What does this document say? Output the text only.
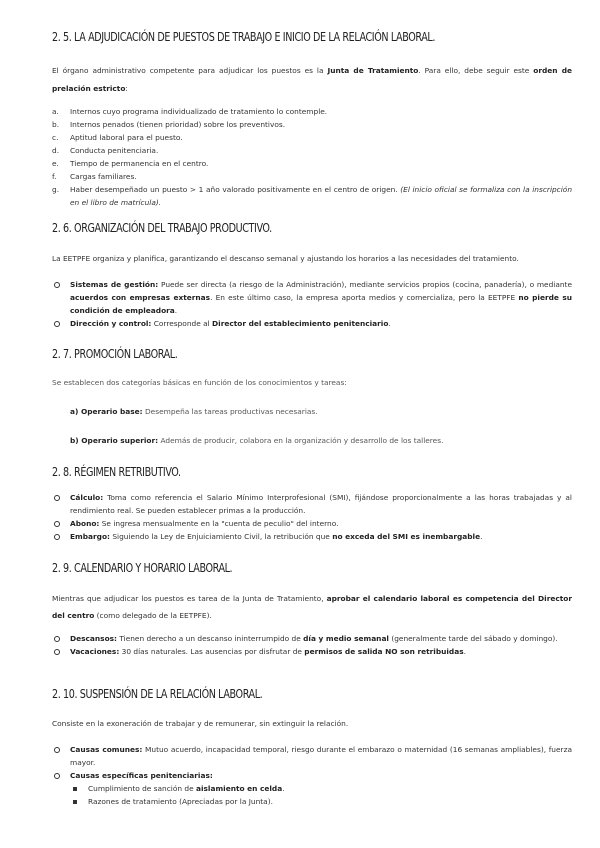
2. 5. LA ADJUDICACIÓN DE PUESTOS DE TRABAJO E INICIO DE LA RELACIÓN LABORAL.

El órgano administrativo competente para adjudicar los puestos es la Junta de Tratamiento. Para ello, debe seguir este orden de prelación estricto:

a. Internos cuyo programa individualizado de tratamiento lo contemple.
b. Internos penados (tienen prioridad) sobre los preventivos.
c. Aptitud laboral para el puesto.
d. Conducta penitenciaria.
e. Tiempo de permanencia en el centro.
f. Cargas familiares.
g. Haber desempeñado un puesto > 1 año valorado positivamente en el centro de origen. (El inicio oficial se formaliza con la inscripción en el libro de matrícula).
2. 6. ORGANIZACIÓN DEL TRABAJO PRODUCTIVO.

La EETPFE organiza y planifica, garantizando el descanso semanal y ajustando los horarios a las necesidades del tratamiento.

Sistemas de gestión: Puede ser directa (a riesgo de la Administración), mediante servicios propios (cocina, panadería), o mediante acuerdos con empresas externas. En este último caso, la empresa aporta medios y comercializa, pero la EETPFE no pierde su condición de empleadora.
Dirección y control: Corresponde al Director del establecimiento penitenciario.
2. 7. PROMOCIÓN LABORAL.

Se establecen dos categorías básicas en función de los conocimientos y tareas:

a) Operario base: Desempeña las tareas productivas necesarias.

b) Operario superior: Además de producir, colabora en la organización y desarrollo de los talleres.

2. 8. RÉGIMEN RETRIBUTIVO.
Cálculo: Toma como referencia el Salario Mínimo Interprofesional (SMI), fijándose proporcionalmente a las horas trabajadas y al rendimiento real. Se pueden establecer primas a la producción.
Abono: Se ingresa mensualmente en la "cuenta de peculio" del interno.
Embargo: Siguiendo la Ley de Enjuiciamiento Civil, la retribución que no exceda del SMI es inembargable.
2. 9. CALENDARIO Y HORARIO LABORAL.

Mientras que adjudicar los puestos es tarea de la Junta de Tratamiento, aprobar el calendario laboral es competencia del Director del centro (como delegado de la EETPFE).

Descansos: Tienen derecho a un descanso ininterrumpido de día y medio semanal (generalmente tarde del sábado y domingo).
Vacaciones: 30 días naturales. Las ausencias por disfrutar de permisos de salida NO son retribuidas.
2. 10. SUSPENSIÓN DE LA RELACIÓN LABORAL.

Consiste en la exoneración de trabajar y de remunerar, sin extinguir la relación.

Causas comunes: Mutuo acuerdo, incapacidad temporal, riesgo durante el embarazo o maternidad (16 semanas ampliables), fuerza mayor.
Causas específicas penitenciarias:
Cumplimiento de sanción de aislamiento en celda.
Razones de tratamiento (Apreciadas por la Junta).
